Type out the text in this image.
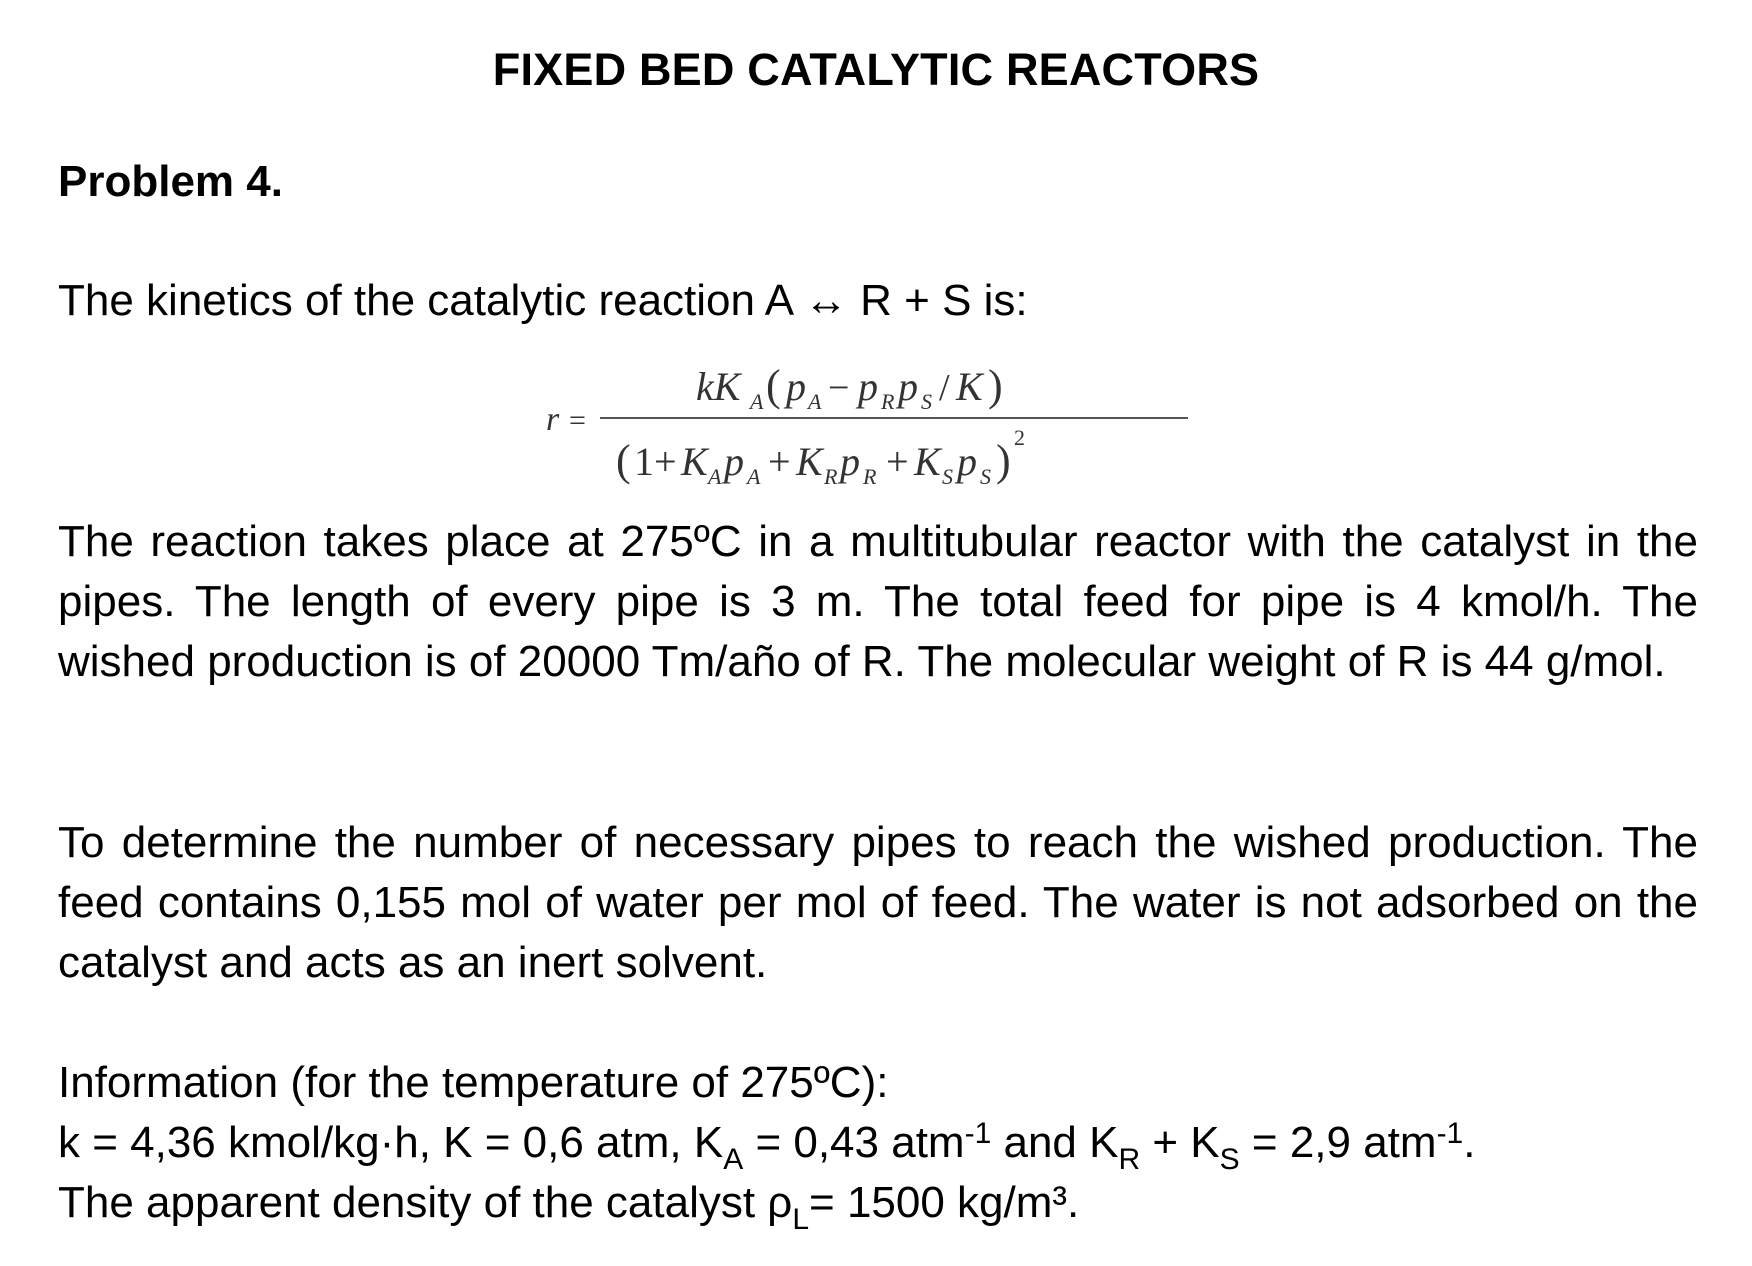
FIXED BED CATALYTIC REACTORS
Problem 4.
The kinetics of the catalytic reaction A ↔ R + S is:
r =
kK A ( p A − p R p S / K )
( 1+ K A p A + K R p R + K S p S ) 2
The reaction takes place at 275ºC in a multitubular reactor with the catalyst in the pipes. The length of every pipe is 3 m. The total feed for pipe is 4 kmol/h. The wished production is of 20000 Tm/año of R. The molecular weight of R is 44 g/mol.
To determine the number of necessary pipes to reach the wished production. The feed contains 0,155 mol of water per mol of feed. The water is not adsorbed on the catalyst and acts as an inert solvent.
Information (for the temperature of 275ºC):
k = 4,36 kmol/kg·h, K = 0,6 atm, $K_A = 0,43$ atm$^{-1}$ and $K_R + K_S = 2,9$ atm$^{-1}$.
The apparent density of the catalyst $\rho_L= 1500$ kg/m³.
